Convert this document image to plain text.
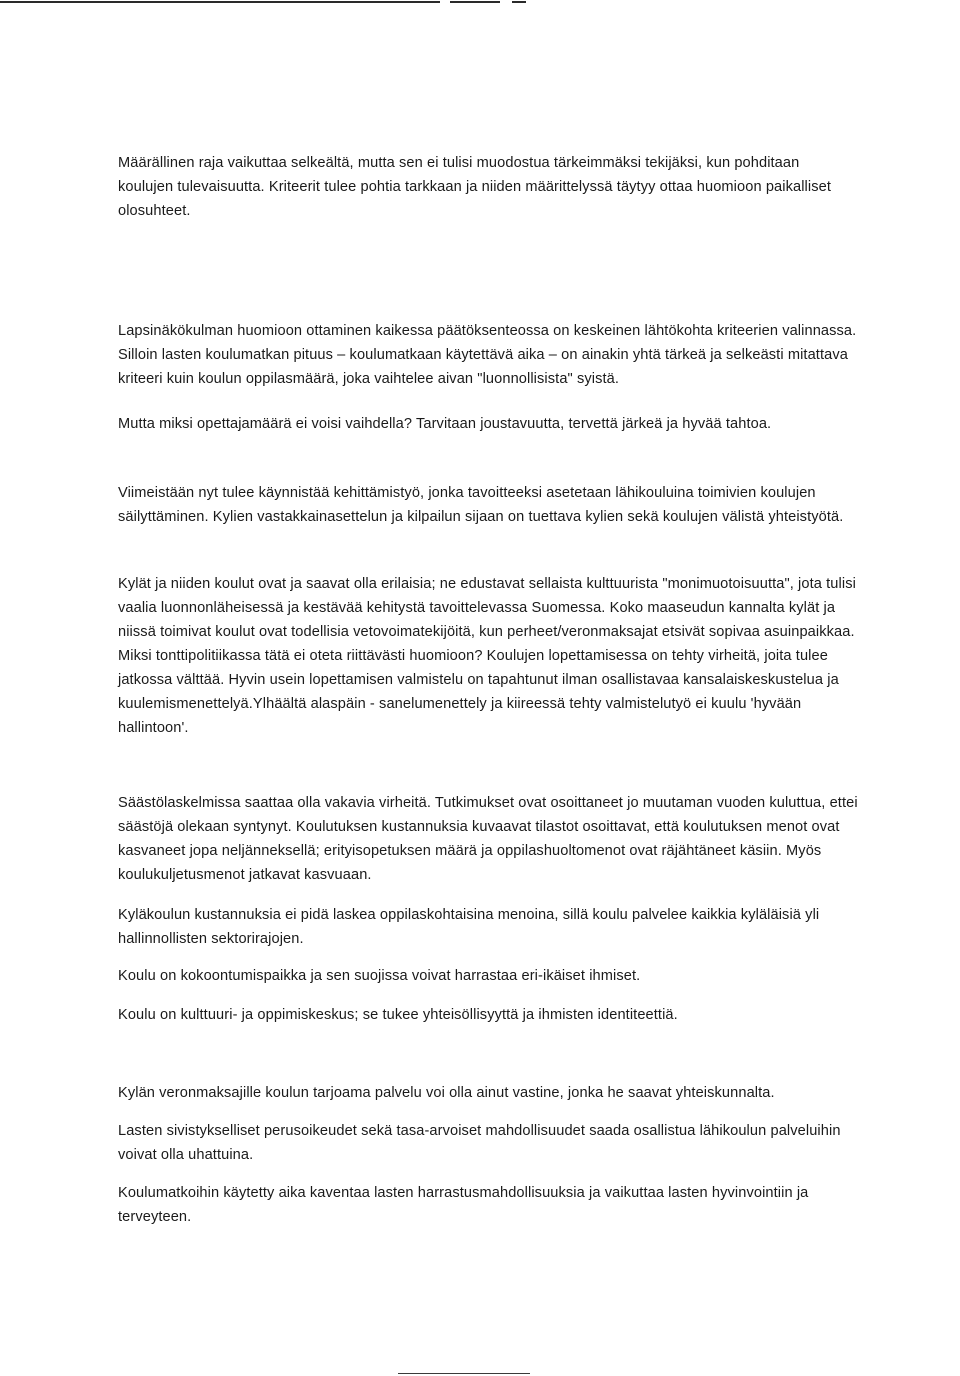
Määrällinen raja vaikuttaa selkeältä, mutta sen ei tulisi muodostua tärkeimmäksi tekijäksi, kun pohditaan koulujen tulevaisuutta. Kriteerit tulee pohtia tarkkaan ja niiden määrittelyssä täytyy ottaa huomioon paikalliset olosuhteet.

Lapsinäkökulman huomioon ottaminen kaikessa päätöksenteossa on keskeinen lähtökohta kriteerien valinnassa. Silloin lasten koulumatkan pituus – koulumatkaan käytettävä aika – on ainakin yhtä tärkeä ja selkeästi mitattava kriteeri kuin koulun oppilasmäärä, joka vaihtelee aivan "luonnollisista" syistä.

Mutta miksi opettajamäärä ei voisi vaihdella? Tarvitaan joustavuutta, tervettä järkeä ja hyvää tahtoa.

Viimeistään nyt tulee käynnistää kehittämistyö, jonka tavoitteeksi asetetaan lähikouluina toimivien koulujen säilyttäminen. Kylien vastakkainasettelun ja kilpailun sijaan on tuettava kylien sekä koulujen välistä yhteistyötä.

Kylät ja niiden koulut ovat ja saavat olla erilaisia; ne edustavat sellaista kulttuurista "monimuotoisuutta", jota tulisi vaalia luonnonläheisessä ja kestävää kehitystä tavoittelevassa Suomessa. Koko maaseudun kannalta kylät ja niissä toimivat koulut ovat todellisia vetovoimatekijöitä, kun perheet/veronmaksajat etsivät sopivaa asuinpaikkaa. Miksi tonttipolitiikassa tätä ei oteta riittävästi huomioon? Koulujen lopettamisessa on tehty virheitä, joita tulee jatkossa välttää. Hyvin usein lopettamisen valmistelu on tapahtunut ilman osallistavaa kansalaiskeskustelua ja kuulemismenettelyä.Ylhäältä alaspäin - sanelumenettely ja kiireessä tehty valmistelutyö ei kuulu 'hyvään hallintoon'.

Säästölaskelmissa saattaa olla vakavia virheitä. Tutkimukset ovat osoittaneet jo muutaman vuoden kuluttua, ettei säästöjä olekaan syntynyt. Koulutuksen kustannuksia kuvaavat tilastot osoittavat, että koulutuksen menot ovat kasvaneet jopa neljänneksellä; erityisopetuksen määrä ja oppilashuoltomenot ovat räjähtäneet käsiin. Myös koulukuljetusmenot jatkavat kasvuaan.

Kyläkoulun kustannuksia ei pidä laskea oppilaskohtaisina menoina, sillä koulu palvelee kaikkia kyläläisiä yli hallinnollisten sektorirajojen.

Koulu on kokoontumispaikka ja sen suojissa voivat harrastaa eri-ikäiset ihmiset.

Koulu on kulttuuri- ja oppimiskeskus; se tukee yhteisöllisyyttä ja ihmisten identiteettiä.

Kylän veronmaksajille koulun tarjoama palvelu voi olla ainut vastine, jonka he saavat yhteiskunnalta.

Lasten sivistykselliset perusoikeudet sekä tasa-arvoiset mahdollisuudet saada osallistua lähikoulun palveluihin voivat olla uhattuina.

Koulumatkoihin käytetty aika kaventaa lasten harrastusmahdollisuuksia ja vaikuttaa lasten hyvinvointiin ja terveyteen.
